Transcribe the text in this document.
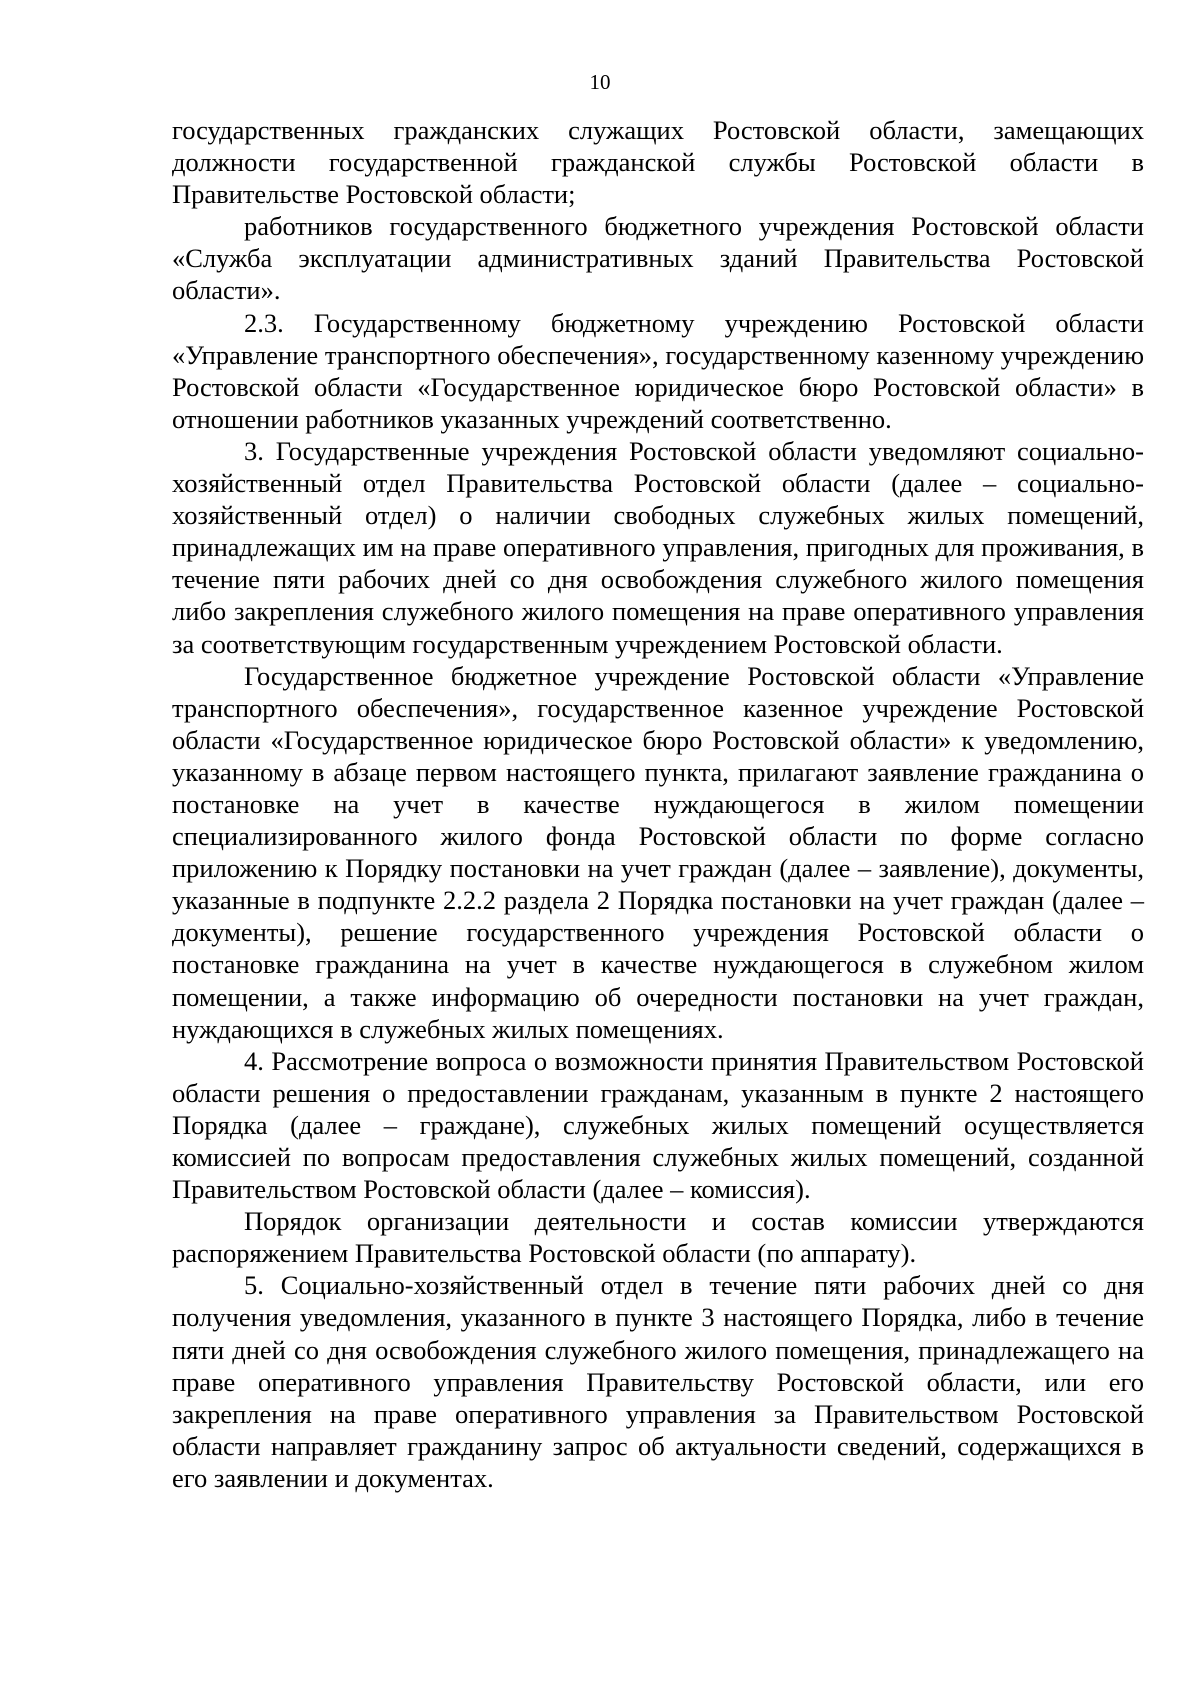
10

государственных гражданских служащих Ростовской области, замещающих должности государственной гражданской службы Ростовской области в Правительстве Ростовской области;

работников государственного бюджетного учреждения Ростовской области «Служба эксплуатации административных зданий Правительства Ростовской области».

2.3. Государственному бюджетному учреждению Ростовской области «Управление транспортного обеспечения», государственному казенному учреждению Ростовской области «Государственное юридическое бюро Ростовской области» в отношении работников указанных учреждений соответственно.

3. Государственные учреждения Ростовской области уведомляют социально-хозяйственный отдел Правительства Ростовской области (далее – социально-хозяйственный отдел) о наличии свободных служебных жилых помещений, принадлежащих им на праве оперативного управления, пригодных для проживания, в течение пяти рабочих дней со дня освобождения служебного жилого помещения либо закрепления служебного жилого помещения на праве оперативного управления за соответствующим государственным учреждением Ростовской области.

Государственное бюджетное учреждение Ростовской области «Управление транспортного обеспечения», государственное казенное учреждение Ростовской области «Государственное юридическое бюро Ростовской области» к уведомлению, указанному в абзаце первом настоящего пункта, прилагают заявление гражданина о постановке на учет в качестве нуждающегося в жилом помещении специализированного жилого фонда Ростовской области по форме согласно приложению к Порядку постановки на учет граждан (далее – заявление), документы, указанные в подпункте 2.2.2 раздела 2 Порядка постановки на учет граждан (далее – документы), решение государственного учреждения Ростовской области о постановке гражданина на учет в качестве нуждающегося в служебном жилом помещении, а также информацию об очередности постановки на учет граждан, нуждающихся в служебных жилых помещениях.

4. Рассмотрение вопроса о возможности принятия Правительством Ростовской области решения о предоставлении гражданам, указанным в пункте 2 настоящего Порядка (далее – граждане), служебных жилых помещений осуществляется комиссией по вопросам предоставления служебных жилых помещений, созданной Правительством Ростовской области (далее – комиссия).

Порядок организации деятельности и состав комиссии утверждаются распоряжением Правительства Ростовской области (по аппарату).

5. Социально-хозяйственный отдел в течение пяти рабочих дней со дня получения уведомления, указанного в пункте 3 настоящего Порядка, либо в течение пяти дней со дня освобождения служебного жилого помещения, принадлежащего на праве оперативного управления Правительству Ростовской области, или его закрепления на праве оперативного управления за Правительством Ростовской области направляет гражданину запрос об актуальности сведений, содержащихся в его заявлении и документах.
